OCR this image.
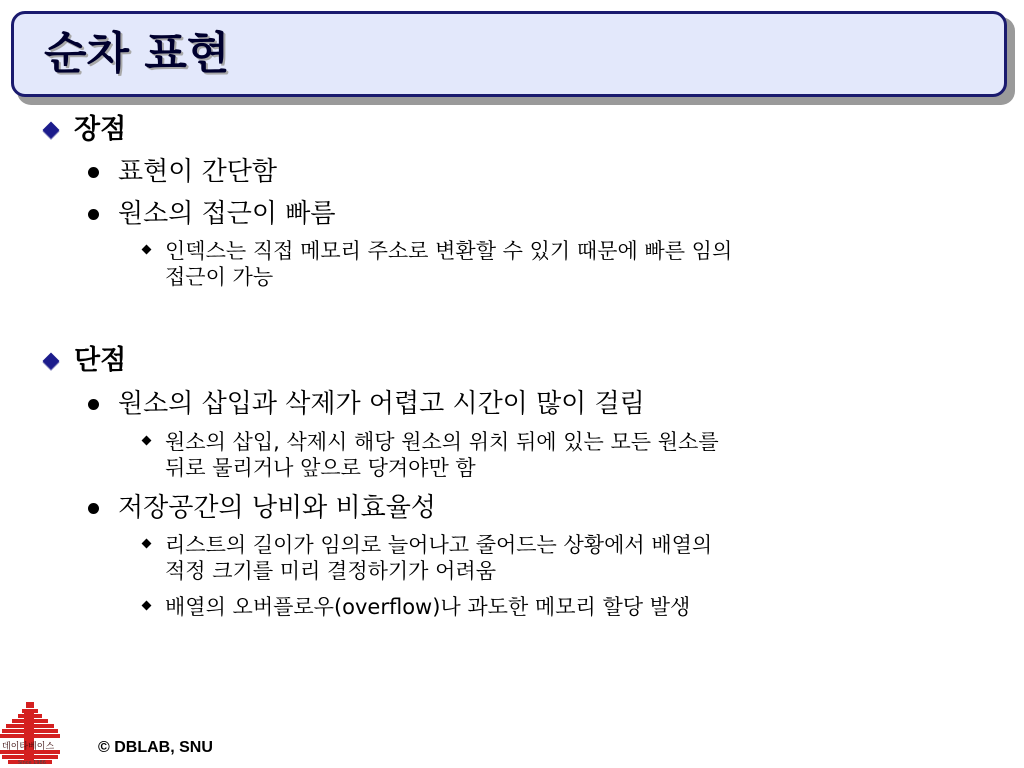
순차 표현
장점
표현이 간단함
원소의 접근이 빠름
인덱스는 직접 메모리 주소로 변환할 수 있기 때문에 빠른 임의
접근이 가능
단점
원소의 삽입과 삭제가 어렵고 시간이 많이 걸림
원소의 삽입, 삭제시 해당 원소의 위치 뒤에 있는 모든 원소를
뒤로 물리거나 앞으로 당겨야만 함
저장공간의 낭비와 비효율성
리스트의 길이가 임의로 늘어나고 줄어드는 상황에서 배열의
적정 크기를 미리 결정하기가 어려움
배열의 오버플로우(overflow)나 과도한 메모리 할당 발생
데이타베이스
Since 1986
© DBLAB, SNU
